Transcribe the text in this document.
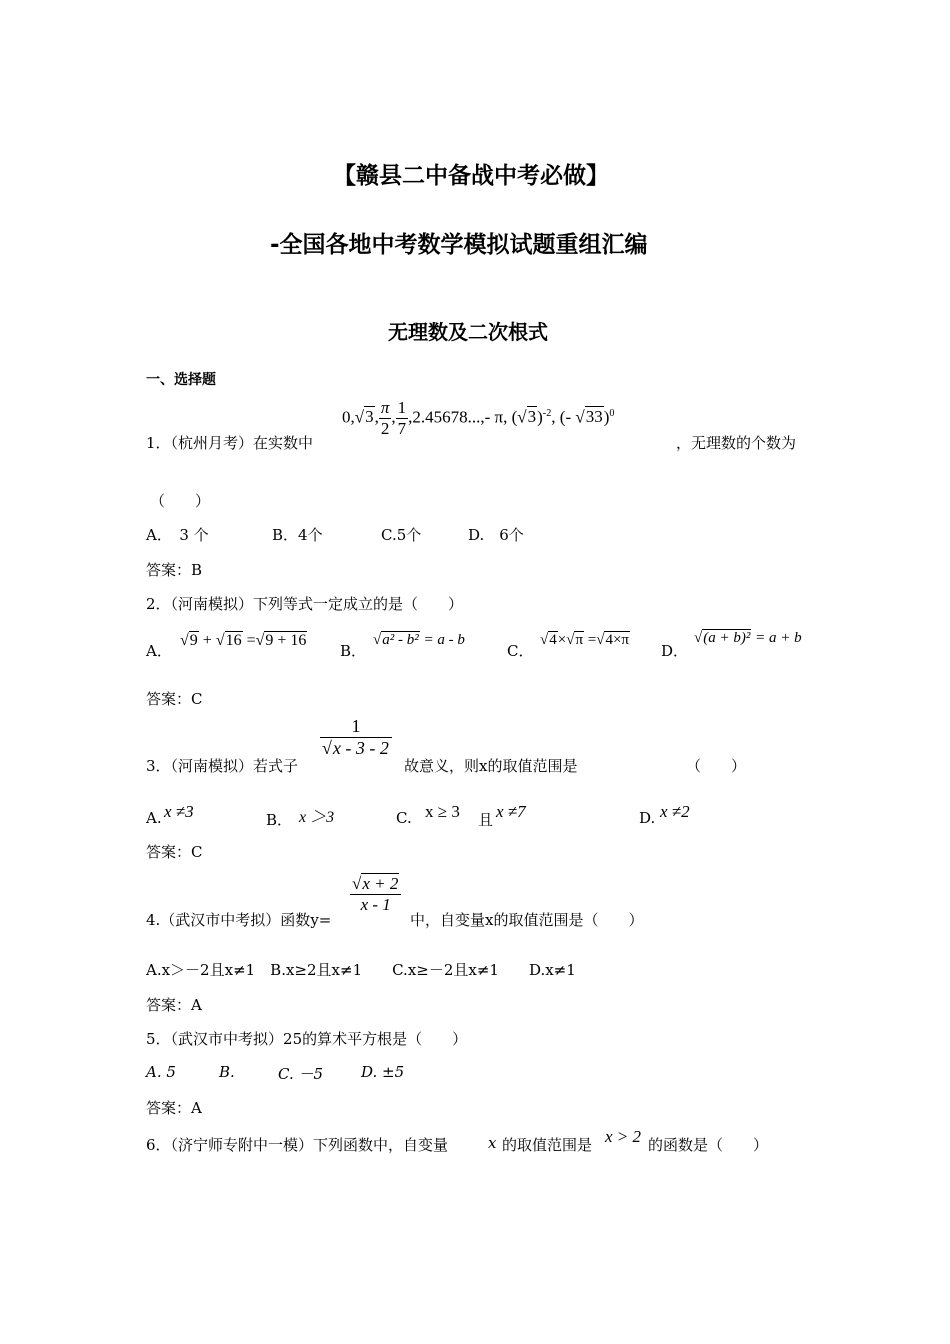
【赣县二中备战中考必做】
-全国各地中考数学模拟试题重组汇编
无理数及二次根式
一、选择题
1．（杭州月考）在实数中
0,√3, $\frac{\pi}{2}$ , $\frac{1}{7} ,2.45678...,-$ π, $(√3)^{-2}$, (- √33)$^0$
，无理数的个数为
（　　）
A．　3 个	B．4个	C.5个	D.　6个
答案：B
2．（河南模拟）下列等式一定成立的是（　　）
A．
√9 + √16 =√9 + 16
B．
√a² - b² = a - b
C．
√4×√π =√4×π
D．
√(a + b)² = a + b
答案：C
3．（河南模拟）若式子
$\frac{1}{√x - 3 - 2}$
故意义，则x的取值范围是	（　　）
A. x ≠3	B． x ＞3	C. x ≥ 3 且 x ≠7	D. x ≠2
答案：C
4.（武汉市中考拟）函数y=
$\frac{√x + 2}{x - 1}$
中，自变量x的取值范围是（　　）
A.x＞－2且x≠1　B.x≥2且x≠1　　C.x≥－2且x≠1　　D.x≠1
答案：A
5．（武汉市中考拟）25的算术平方根是（　　）
A. 5	B.	C. －5	D. ±5
答案：A
6．（济宁师专附中一模）下列函数中，自变量	x 的取值范围是 x > 2 的函数是（　　）
